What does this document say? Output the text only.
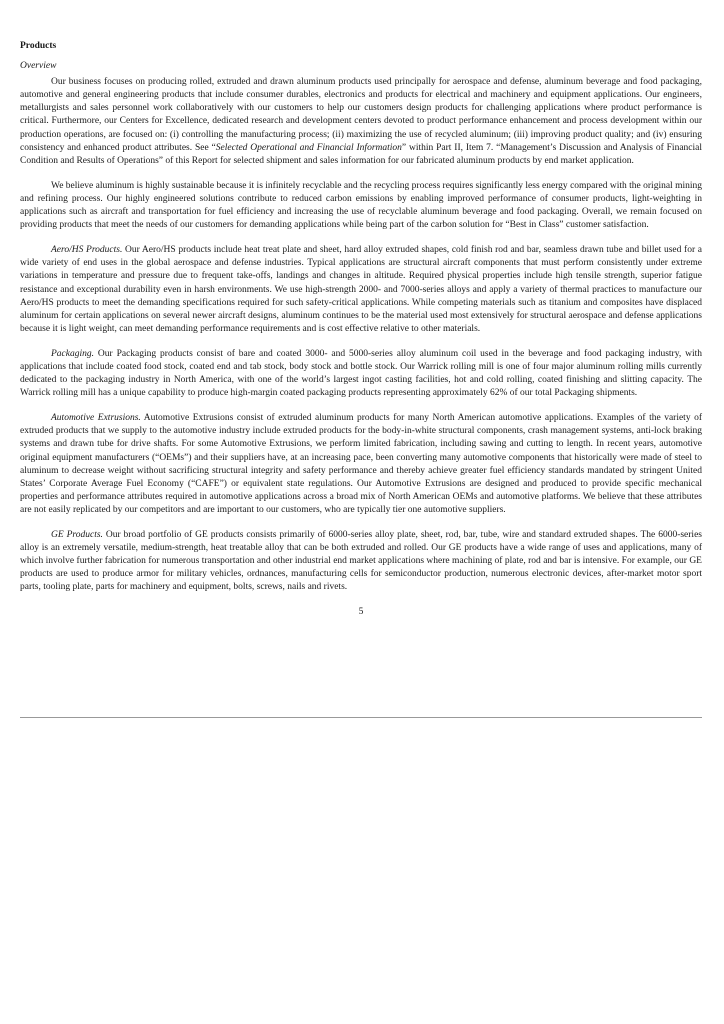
Products
Overview

Our business focuses on producing rolled, extruded and drawn aluminum products used principally for aerospace and defense, aluminum beverage and food packaging, automotive and general engineering products that include consumer durables, electronics and products for electrical and machinery and equipment applications. Our engineers, metallurgists and sales personnel work collaboratively with our customers to help our customers design products for challenging applications where product performance is critical. Furthermore, our Centers for Excellence, dedicated research and development centers devoted to product performance enhancement and process development within our production operations, are focused on: (i) controlling the manufacturing process; (ii) maximizing the use of recycled aluminum; (iii) improving product quality; and (iv) ensuring consistency and enhanced product attributes. See “Selected Operational and Financial Information” within Part II, Item 7. “Management’s Discussion and Analysis of Financial Condition and Results of Operations” of this Report for selected shipment and sales information for our fabricated aluminum products by end market application.

We believe aluminum is highly sustainable because it is infinitely recyclable and the recycling process requires significantly less energy compared with the original mining and refining process. Our highly engineered solutions contribute to reduced carbon emissions by enabling improved performance of consumer products, light-weighting in applications such as aircraft and transportation for fuel efficiency and increasing the use of recyclable aluminum beverage and food packaging. Overall, we remain focused on providing products that meet the needs of our customers for demanding applications while being part of the carbon solution for “Best in Class” customer satisfaction.

Aero/HS Products. Our Aero/HS products include heat treat plate and sheet, hard alloy extruded shapes, cold finish rod and bar, seamless drawn tube and billet used for a wide variety of end uses in the global aerospace and defense industries. Typical applications are structural aircraft components that must perform consistently under extreme variations in temperature and pressure due to frequent take-offs, landings and changes in altitude. Required physical properties include high tensile strength, superior fatigue resistance and exceptional durability even in harsh environments. We use high-strength 2000- and 7000-series alloys and apply a variety of thermal practices to manufacture our Aero/HS products to meet the demanding specifications required for such safety-critical applications. While competing materials such as titanium and composites have displaced aluminum for certain applications on several newer aircraft designs, aluminum continues to be the material used most extensively for structural aerospace and defense applications because it is light weight, can meet demanding performance requirements and is cost effective relative to other materials.

Packaging. Our Packaging products consist of bare and coated 3000- and 5000-series alloy aluminum coil used in the beverage and food packaging industry, with applications that include coated food stock, coated end and tab stock, body stock and bottle stock. Our Warrick rolling mill is one of four major aluminum rolling mills currently dedicated to the packaging industry in North America, with one of the world’s largest ingot casting facilities, hot and cold rolling, coated finishing and slitting capacity. The Warrick rolling mill has a unique capability to produce high-margin coated packaging products representing approximately 62% of our total Packaging shipments.

Automotive Extrusions. Automotive Extrusions consist of extruded aluminum products for many North American automotive applications. Examples of the variety of extruded products that we supply to the automotive industry include extruded products for the body-in-white structural components, crash management systems, anti-lock braking systems and drawn tube for drive shafts. For some Automotive Extrusions, we perform limited fabrication, including sawing and cutting to length. In recent years, automotive original equipment manufacturers (“OEMs”) and their suppliers have, at an increasing pace, been converting many automotive components that historically were made of steel to aluminum to decrease weight without sacrificing structural integrity and safety performance and thereby achieve greater fuel efficiency standards mandated by stringent United States’ Corporate Average Fuel Economy (“CAFE”) or equivalent state regulations. Our Automotive Extrusions are designed and produced to provide specific mechanical properties and performance attributes required in automotive applications across a broad mix of North American OEMs and automotive platforms. We believe that these attributes are not easily replicated by our competitors and are important to our customers, who are typically tier one automotive suppliers.

GE Products. Our broad portfolio of GE products consists primarily of 6000-series alloy plate, sheet, rod, bar, tube, wire and standard extruded shapes. The 6000-series alloy is an extremely versatile, medium-strength, heat treatable alloy that can be both extruded and rolled. Our GE products have a wide range of uses and applications, many of which involve further fabrication for numerous transportation and other industrial end market applications where machining of plate, rod and bar is intensive. For example, our GE products are used to produce armor for military vehicles, ordnances, manufacturing cells for semiconductor production, numerous electronic devices, after-market motor sport parts, tooling plate, parts for machinery and equipment, bolts, screws, nails and rivets.

5
